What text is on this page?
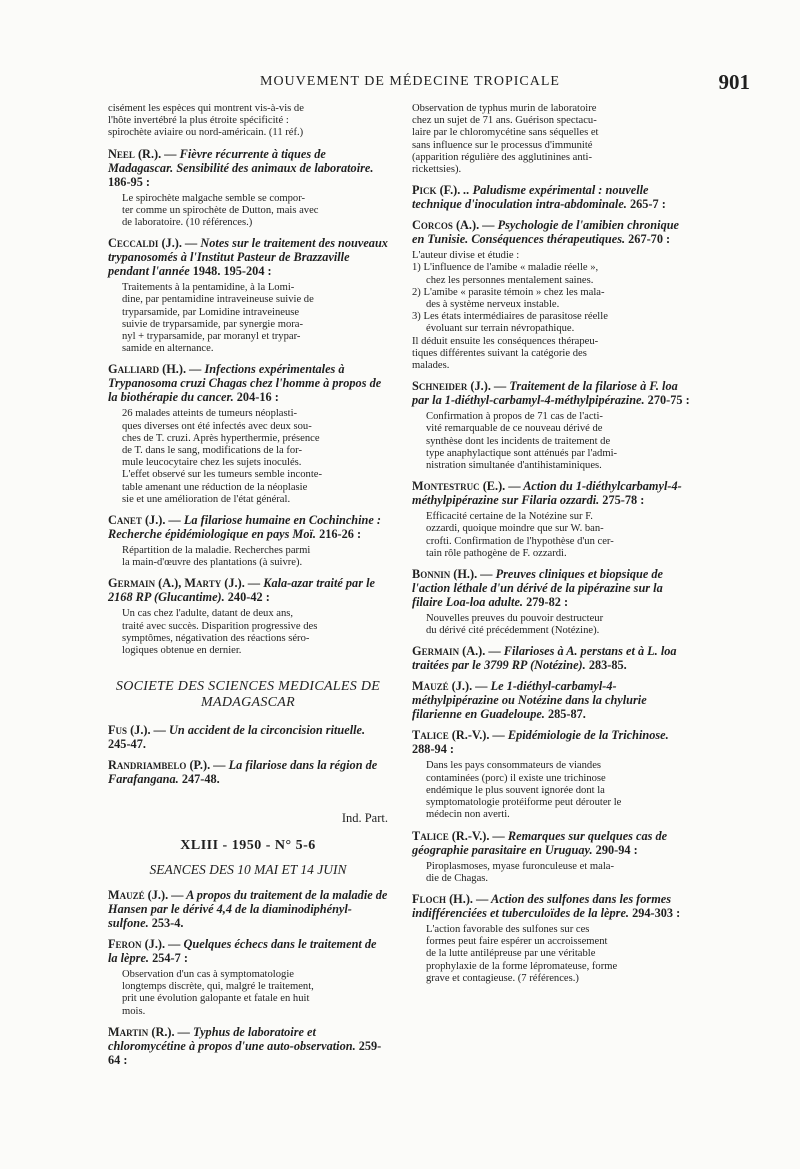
MOUVEMENT DE MÉDECINE TROPICALE	901
cisément les espèces qui montrent vis-à-vis de
l'hôte invertébré la plus étroite spécificité :
spirochète aviaire ou nord-américain. (11 réf.)
Neel (R.). — Fièvre récurrente à tiques de Madagascar. Sensibilité des animaux de laboratoire. 186-95 :
Le spirochète malgache semble se compor-
ter comme un spirochète de Dutton, mais avec
de laboratoire. (10 références.)
Ceccaldi (J.). — Notes sur le traitement des nouveaux trypanosomés à l'Institut Pasteur de Brazzaville pendant l'année 1948. 195-204 :
Traitements à la pentamidine, à la Lomi-
dine, par pentamidine intraveineuse suivie de
tryparsamide, par Lomidine intraveineuse
suivie de tryparsamide, par synergie mora-
nyl + tryparsamide, par moranyl et trypar-
samide en alternance.
Galliard (H.). — Infections expérimentales à Trypanosoma cruzi Chagas chez l'homme à propos de la biothérapie du cancer. 204-16 :
26 malades atteints de tumeurs néoplasti-
ques diverses ont été infectés avec deux sou-
ches de T. cruzi. Après hyperthermie, présence
de T. dans le sang, modifications de la for-
mule leucocytaire chez les sujets inoculés.
L'effet observé sur les tumeurs semble inconte-
table amenant une réduction de la néoplasie
sie et une amélioration de l'état général.
Canet (J.). — La filariose humaine en Cochinchine : Recherche épidémiologique en pays Moï. 216-26 :
Répartition de la maladie. Recherches parmi
la main-d'œuvre des plantations (à suivre).
Germain (A.), Marty (J.). — Kala-azar traité par le 2168 RP (Glucantime). 240-42 :
Un cas chez l'adulte, datant de deux ans,
traité avec succès. Disparition progressive des
symptômes, négativation des réactions séro-
logiques obtenue en dernier.
SOCIETE DES SCIENCES MEDICALES DE MADAGASCAR
Fus (J.). — Un accident de la circoncision rituelle. 245-47.
Randriambelo (P.). — La filariose dans la région de Farafangana. 247-48.
Ind. Part.
XLIII - 1950 - N° 5-6
SEANCES DES 10 MAI ET 14 JUIN
Mauzé (J.). — A propos du traitement de la maladie de Hansen par le dérivé 4,4 de la diaminodiphényl-sulfone. 253-4.
Feron (J.). — Quelques échecs dans le traitement de la lèpre. 254-7 :
Observation d'un cas à symptomatologie
longtemps discrète, qui, malgré le traitement,
prit une évolution galopante et fatale en huit
mois.
Martin (R.). — Typhus de laboratoire et chloromycétine à propos d'une auto-observation. 259-64 :
Observation de typhus murin de laboratoire
chez un sujet de 71 ans. Guérison spectacu-
laire par le chloromycétine sans séquelles et
sans influence sur le processus d'immunité
(apparition régulière des agglutinines anti-
rickettsies).
Pick (F.). .. Paludisme expérimental : nouvelle technique d'inoculation intra-abdominale. 265-7 :
Corcos (A.). — Psychologie de l'amibien chronique en Tunisie. Conséquences thérapeutiques. 267-70 :
L'auteur divise et étudie :
1) L'influence de l'amibe « maladie réelle »,
chez les personnes mentalement saines.
2) L'amibe « parasite témoin » chez les mala-
des à système nerveux instable.
3) Les états intermédiaires de parasitose réelle
évoluant sur terrain névropathique.
Il déduit ensuite les conséquences thérapeu-
tiques différentes suivant la catégorie des
malades.
Schneider (J.). — Traitement de la filariose à F. loa par la 1-diéthyl-carbamyl-4-méthylpipérazine. 270-75 :
Confirmation à propos de 71 cas de l'acti-
vité remarquable de ce nouveau dérivé de
synthèse dont les incidents de traitement de
type anaphylactique sont atténués par l'admi-
nistration simultanée d'antihistaminiques.
Montestruc (E.). — Action du 1-diéthylcarbamyl-4-méthylpipérazine sur Filaria ozzardi. 275-78 :
Efficacité certaine de la Notézine sur F.
ozzardi, quoique moindre que sur W. ban-
crofti. Confirmation de l'hypothèse d'un cer-
tain rôle pathogène de F. ozzardi.
Bonnin (H.). — Preuves cliniques et biopsique de l'action léthale d'un dérivé de la pipérazine sur la filaire Loa-loa adulte. 279-82 :
Nouvelles preuves du pouvoir destructeur
du dérivé cité précédemment (Notézine).
Germain (A.). — Filarioses à A. perstans et à L. loa traitées par le 3799 RP (Notézine). 283-85.
Mauzé (J.). — Le 1-diéthyl-carbamyl-4-méthylpipérazine ou Notézine dans la chylurie filarienne en Guadeloupe. 285-87.
Talice (R.-V.). — Epidémiologie de la Trichinose. 288-94 :
Dans les pays consommateurs de viandes
contaminées (porc) il existe une trichinose
endémique le plus souvent ignorée dont la
symptomatologie protéiforme peut dérouter le
médecin non averti.
Talice (R.-V.). — Remarques sur quelques cas de géographie parasitaire en Uruguay. 290-94 :
Piroplasmoses, myase furonculeuse et mala-
die de Chagas.
Floch (H.). — Action des sulfones dans les formes indifférenciées et tuberculoïdes de la lèpre. 294-303 :
L'action favorable des sulfones sur ces
formes peut faire espérer un accroissement
de la lutte antilépreuse par une véritable
prophylaxie de la forme lépromateuse, forme
grave et contagieuse. (7 références.)
